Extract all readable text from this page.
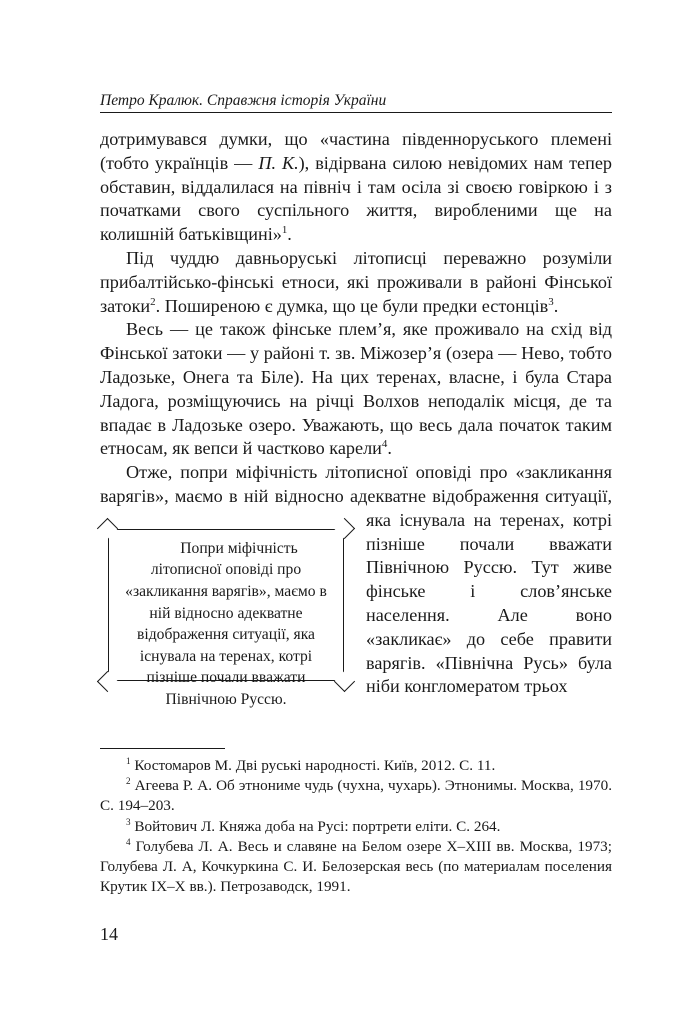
Петро Кралюк. Справжня історія України

дотримувався думки, що «частина південноруського племені (тобто українців — П. К.), відірвана силою невідомих нам тепер обставин, віддалилася на північ і там осіла зі своєю говіркою і з початками свого суспільного життя, виробленими ще на колишній батьківщині»$^1$.

Під чуддю давньоруські літописці переважно розуміли прибалтійсько-фінські етноси, які проживали в районі Фінської затоки$^2$. Поширеною є думка, що це були предки естонців$^3$.

Весь — це також фінське плем’я, яке проживало на схід від Фінської затоки — у районі т. зв. Міжозер’я (озера — Нево, тобто Ладозьке, Онега та Біле). На цих теренах, власне, і була Стара Ладога, розміщуючись на річці Волхов неподалік місця, де та впадає в Ладозьке озеро. Уважають, що весь дала початок таким етносам, як вепси й частково карели$^4$.

Отже, попри міфічність літописної оповіді про «закликання варягів», маємо в ній відносно адекватне відображення
Попри міфічність літописної оповіді про «закликання варягів», маємо в ній відносно адекватне відображення ситуації, яка існувала на теренах, котрі пізніше почали вважати Північною Руссю.
ситуації, яка існувала на теренах, котрі пізніше почали вважати Північною Руссю. Тут живе фінське і слов’янське населення. Але воно «закликає» до себе правити варягів. «Північна Русь» була ніби конгломератом трьох

$^1$ Костомаров М. Дві руські народності. Київ, 2012. С. 11.

$^2$ Агеева Р. А. Об этнониме чудь (чухна, чухарь). Этнонимы. Москва, 1970. С. 194–203.

$^3$ Войтович Л. Княжа доба на Русі: портрети еліти. С. 264.

$^4$ Голубева Л. А. Весь и славяне на Белом озере X–XIII вв. Москва, 1973; Голубева Л. А, Кочкуркина С. И. Белозерская весь (по материалам поселения Крутик IX–X вв.). Петрозаводск, 1991.

14
